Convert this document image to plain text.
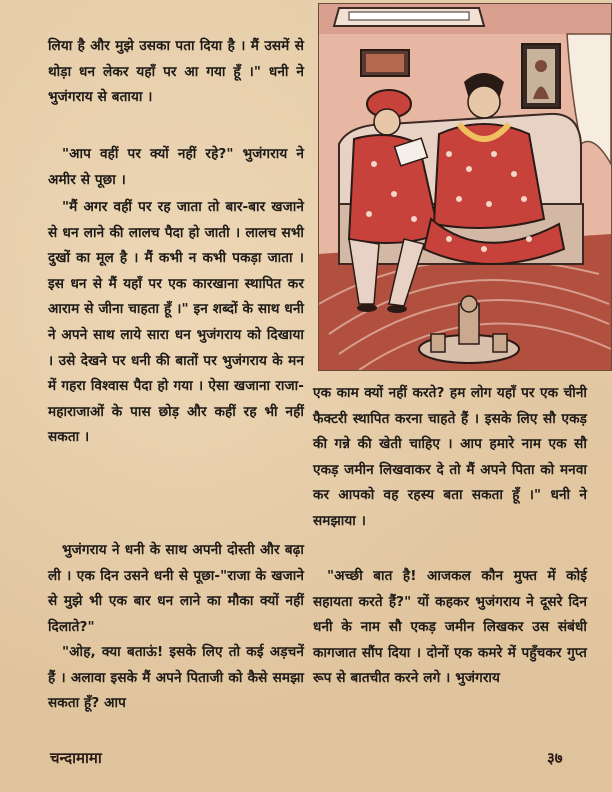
लिया है और मुझे उसका पता दिया है । मैं उसमें से थोड़ा धन लेकर यहाँ पर आ गया हूँ ।" धनी ने भुजंगराय से बताया ।

"आप वहीं पर क्यों नहीं रहे?" भुजंगराय ने अमीर से पूछा ।

"मैं अगर वहीं पर रह जाता तो बार-बार खजाने से धन लाने की लालच पैदा हो जाती । लालच सभी दुखों का मूल है । मैं कभी न कभी पकड़ा जाता । इस धन से मैं यहाँ पर एक कारखाना स्थापित कर आराम से जीना चाहता हूँ ।" इन शब्दों के साथ धनी ने अपने साथ लाये सारा धन भुजंगराय को दिखाया । उसे देखने पर धनी की बातों पर भुजंगराय के मन में गहरा विश्वास पैदा हो गया । ऐसा खजाना राजा-महाराजाओं के पास छोड़ और कहीं रह भी नहीं सकता ।

भुजंगराय ने धनी के साथ अपनी दोस्ती और बढ़ा ली । एक दिन उसने धनी से पूछा-"राजा के खजाने से मुझे भी एक बार धन लाने का मौका क्यों नहीं दिलाते?"

"ओह, क्या बताऊं! इसके लिए तो कई अड़चनें हैं । अलावा इसके मैं अपने पिताजी को कैसे समझा सकता हूँ? आप

एक काम क्यों नहीं करते? हम लोग यहाँ पर एक चीनी फैक्टरी स्थापित करना चाहते हैं । इसके लिए सौ एकड़ की गन्ने की खेती चाहिए । आप हमारे नाम एक सौ एकड़ जमीन लिखवाकर दे तो मैं अपने पिता को मनवा कर आपको वह रहस्य बता सकता हूँ ।" धनी ने समझाया ।

"अच्छी बात है! आजकल कौन मुफ्त में कोई सहायता करते हैं?" यों कहकर भुजंगराय ने दूसरे दिन धनी के नाम सौ एकड़ जमीन लिखकर उस संबंधी कागजात सौंप दिया । दोनों एक कमरे में पहुँचकर गुप्त रूप से बातचीत करने लगे । भुजंगराय

चन्दामामा	३७
